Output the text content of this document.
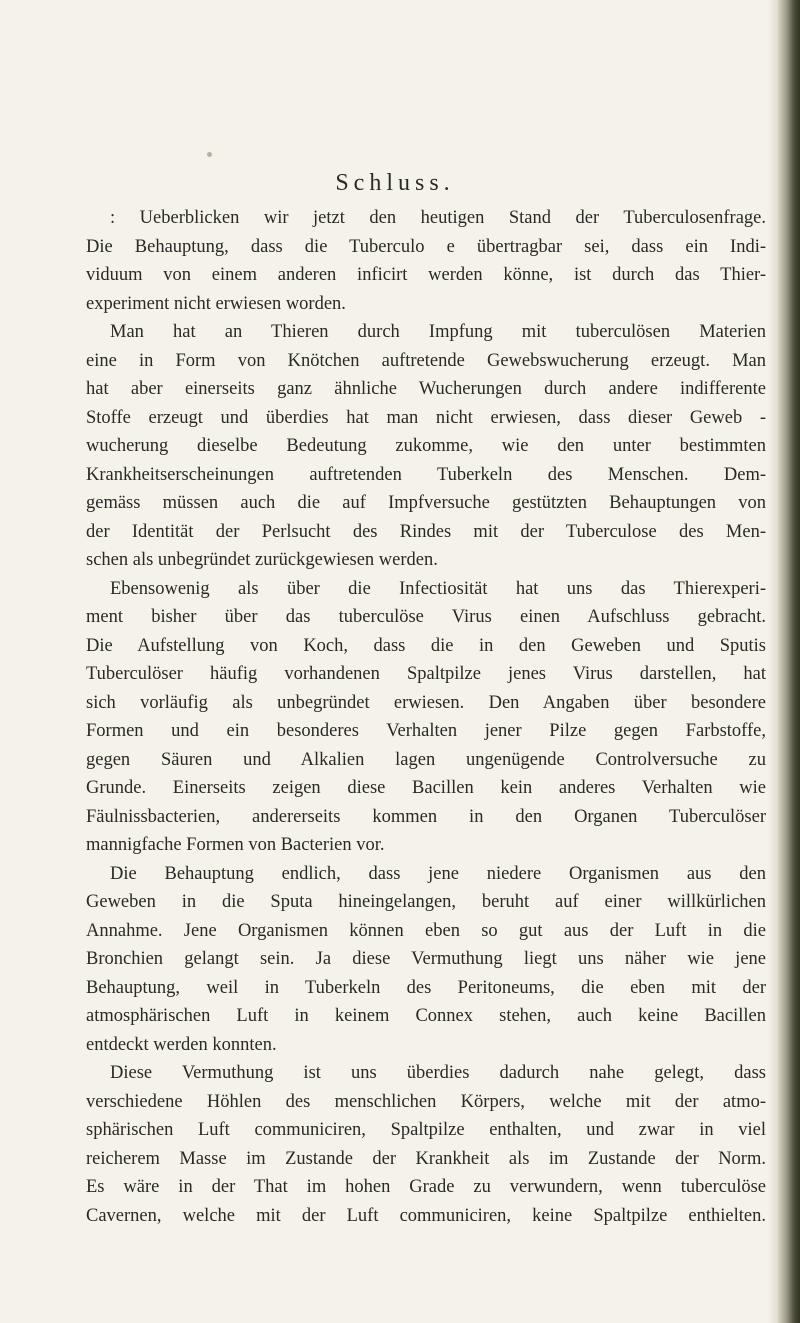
Schluss.
: Ueberblicken wir jetzt den heutigen Stand der Tuberculosenfrage.
Die Behauptung, dass die Tuberculo e übertragbar sei, dass ein Indi-
viduum von einem anderen inficirt werden könne, ist durch das Thier-
experiment nicht erwiesen worden.
Man hat an Thieren durch Impfung mit tuberculösen Materien
eine in Form von Knötchen auftretende Gewebswucherung erzeugt. Man
hat aber einerseits ganz ähnliche Wucherungen durch andere indifferente
Stoffe erzeugt und überdies hat man nicht erwiesen, dass dieser Geweb -
wucherung dieselbe Bedeutung zukomme, wie den unter bestimmten
Krankheitserscheinungen auftretenden Tuberkeln des Menschen. Dem-
gemäss müssen auch die auf Impfversuche gestützten Behauptungen von
der Identität der Perlsucht des Rindes mit der Tuberculose des Men-
schen als unbegründet zurückgewiesen werden.
Ebensowenig als über die Infectiosität hat uns das Thierexperi-
ment bisher über das tuberculöse Virus einen Aufschluss gebracht.
Die Aufstellung von Koch, dass die in den Geweben und Sputis
Tuberculöser häufig vorhandenen Spaltpilze jenes Virus darstellen, hat
sich vorläufig als unbegründet erwiesen. Den Angaben über besondere
Formen und ein besonderes Verhalten jener Pilze gegen Farbstoffe,
gegen Säuren und Alkalien lagen ungenügende Controlversuche zu
Grunde. Einerseits zeigen diese Bacillen kein anderes Verhalten wie
Fäulnissbacterien, andererseits kommen in den Organen Tuberculöser
mannigfache Formen von Bacterien vor.
Die Behauptung endlich, dass jene niedere Organismen aus den
Geweben in die Sputa hineingelangen, beruht auf einer willkürlichen
Annahme. Jene Organismen können eben so gut aus der Luft in die
Bronchien gelangt sein. Ja diese Vermuthung liegt uns näher wie jene
Behauptung, weil in Tuberkeln des Peritoneums, die eben mit der
atmosphärischen Luft in keinem Connex stehen, auch keine Bacillen
entdeckt werden konnten.
Diese Vermuthung ist uns überdies dadurch nahe gelegt, dass
verschiedene Höhlen des menschlichen Körpers, welche mit der atmo-
sphärischen Luft communiciren, Spaltpilze enthalten, und zwar in viel
reicherem Masse im Zustande der Krankheit als im Zustande der Norm.
Es wäre in der That im hohen Grade zu verwundern, wenn tuberculöse
Cavernen, welche mit der Luft communiciren, keine Spaltpilze enthielten.
